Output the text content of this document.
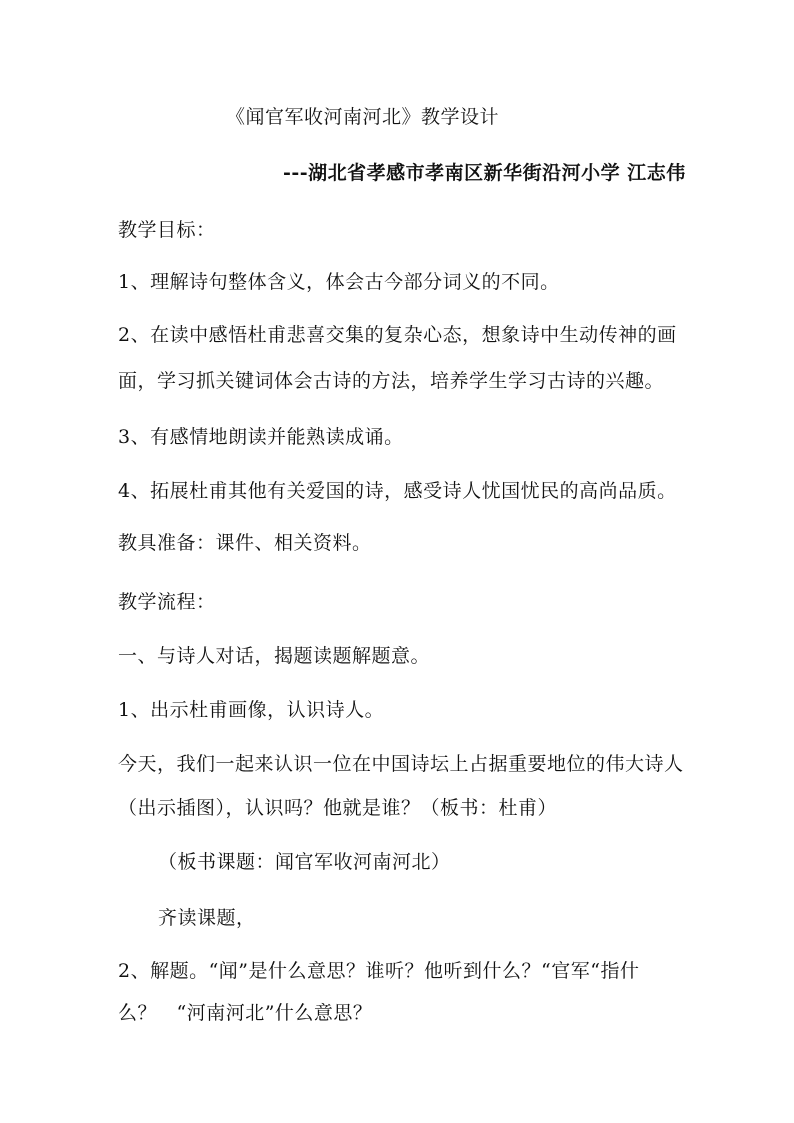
《闻官军收河南河北》教学设计
---湖北省孝感市孝南区新华街沿河小学 江志伟
教学目标：
1、理解诗句整体含义，体会古今部分词义的不同。
2、在读中感悟杜甫悲喜交集的复杂心态，想象诗中生动传神的画
面，学习抓关键词体会古诗的方法，培养学生学习古诗的兴趣。
3、有感情地朗读并能熟读成诵。
4、拓展杜甫其他有关爱国的诗，感受诗人忧国忧民的高尚品质。
教具准备：课件、相关资料。
教学流程：
一、与诗人对话，揭题读题解题意。
1、出示杜甫画像，认识诗人。
今天，我们一起来认识一位在中国诗坛上占据重要地位的伟大诗人
（出示插图），认识吗？他就是谁？（板书：杜甫）
（板书课题：闻官军收河南河北）
齐读课题，
2、解题。“闻”是什么意思？谁听？他听到什么？“官军“指什
么？　“河南河北”什么意思？
